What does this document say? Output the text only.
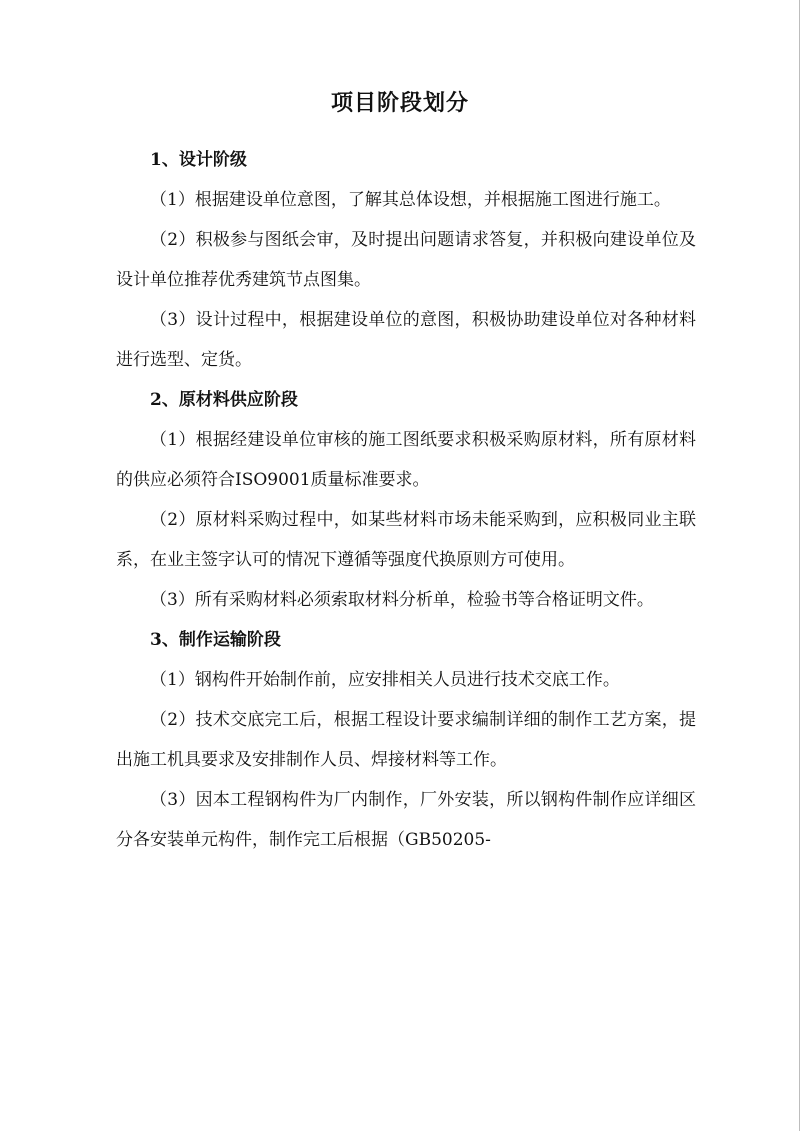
项目阶段划分

1、设计阶级

（1）根据建设单位意图，了解其总体设想，并根据施工图进行施工。

（2）积极参与图纸会审，及时提出问题请求答复，并积极向建设单位及设计单位推荐优秀建筑节点图集。

（3）设计过程中，根据建设单位的意图，积极协助建设单位对各种材料进行选型、定货。

2、原材料供应阶段

（1）根据经建设单位审核的施工图纸要求积极采购原材料，所有原材料的供应必须符合ISO9001质量标准要求。

（2）原材料采购过程中，如某些材料市场未能采购到，应积极同业主联系，在业主签字认可的情况下遵循等强度代换原则方可使用。

（3）所有采购材料必须索取材料分析单，检验书等合格证明文件。

3、制作运输阶段

（1）钢构件开始制作前，应安排相关人员进行技术交底工作。

（2）技术交底完工后，根据工程设计要求编制详细的制作工艺方案，提出施工机具要求及安排制作人员、焊接材料等工作。

（3）因本工程钢构件为厂内制作，厂外安装，所以钢构件制作应详细区分各安装单元构件，制作完工后根据（GB50205-
